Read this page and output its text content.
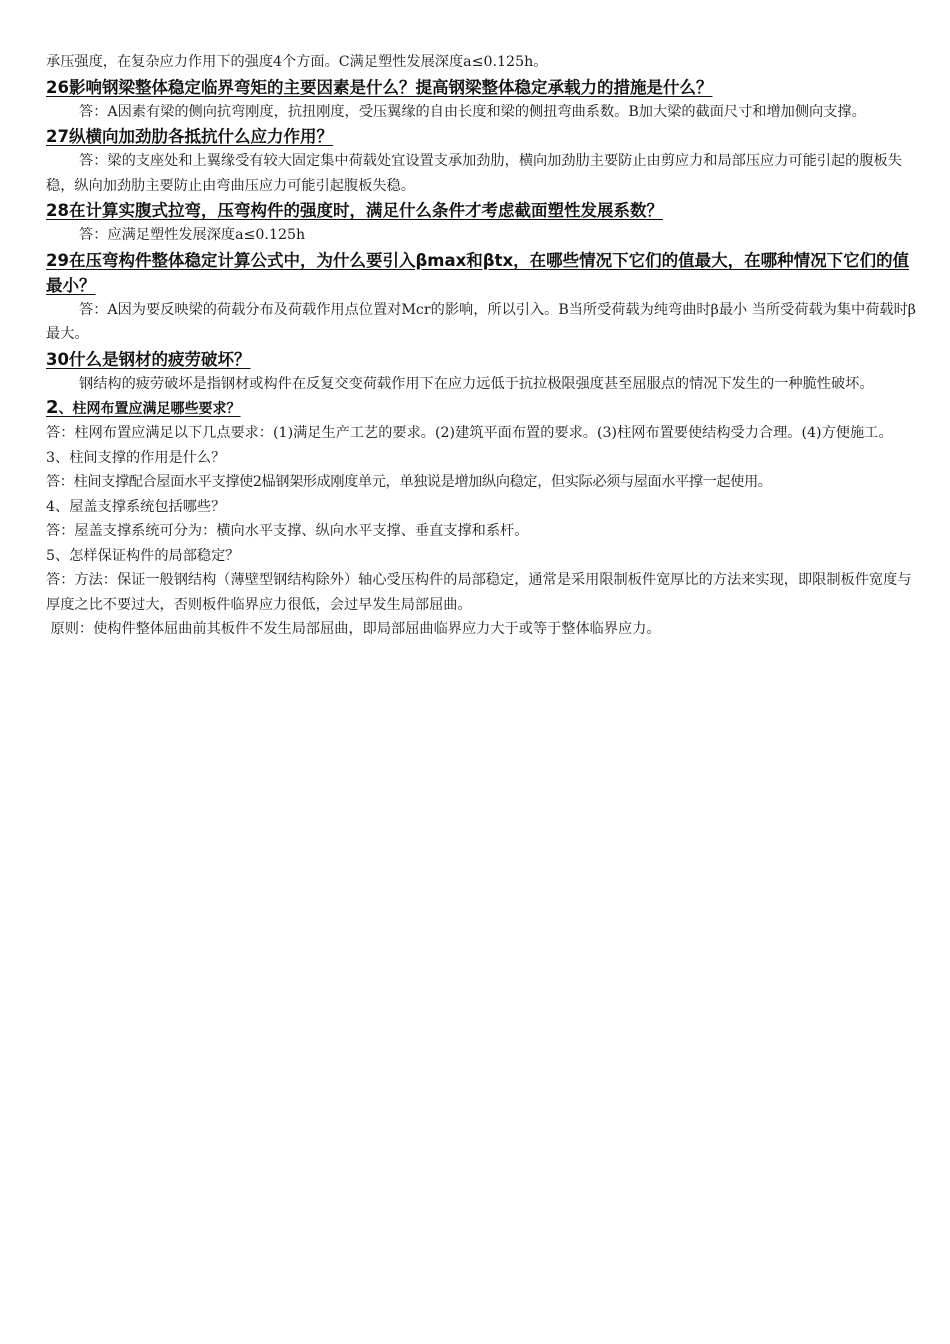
承压强度，在复杂应力作用下的强度4个方面。C满足塑性发展深度a≤0.125h。

26影响钢梁整体稳定临界弯矩的主要因素是什么？提高钢梁整体稳定承载力的措施是什么？

答：A因素有梁的侧向抗弯刚度，抗扭刚度，受压翼缘的自由长度和梁的侧扭弯曲系数。B加大梁的截面尺寸和增加侧向支撑。

27纵横向加劲肋各抵抗什么应力作用？

答：梁的支座处和上翼缘受有较大固定集中荷载处宜设置支承加劲肋，横向加劲肋主要防止由剪应力和局部压应力可能引起的腹板失稳，纵向加劲肋主要防止由弯曲压应力可能引起腹板失稳。

28在计算实腹式拉弯，压弯构件的强度时，满足什么条件才考虑截面塑性发展系数？

答：应满足塑性发展深度a≤0.125h

29在压弯构件整体稳定计算公式中，为什么要引入βmax和βtx，在哪些情况下它们的值最大，在哪种情况下它们的值最小？

答：A因为要反映梁的荷载分布及荷载作用点位置对Mcr的影响，所以引入。B当所受荷载为纯弯曲时β最小 当所受荷载为集中荷载时β最大。

30什么是钢材的疲劳破坏？

钢结构的疲劳破坏是指钢材或构件在反复交变荷载作用下在应力远低于抗拉极限强度甚至屈服点的情况下发生的一种脆性破坏。

2、柱网布置应满足哪些要求？

答：柱网布置应满足以下几点要求：(1)满足生产工艺的要求。(2)建筑平面布置的要求。(3)柱网布置要使结构受力合理。(4)方便施工。

3、柱间支撑的作用是什么？

答：柱间支撑配合屋面水平支撑使2榀钢架形成刚度单元，单独说是增加纵向稳定，但实际必须与屋面水平撑一起使用。

4、屋盖支撑系统包括哪些？

答：屋盖支撑系统可分为：横向水平支撑、纵向水平支撑、垂直支撑和系杆。

5、怎样保证构件的局部稳定？

答：方法：保证一般钢结构（薄壁型钢结构除外）轴心受压构件的局部稳定，通常是采用限制板件宽厚比的方法来实现，即限制板件宽度与厚度之比不要过大，否则板件临界应力很低，会过早发生局部屈曲。

原则：使构件整体屈曲前其板件不发生局部屈曲，即局部屈曲临界应力大于或等于整体临界应力。
